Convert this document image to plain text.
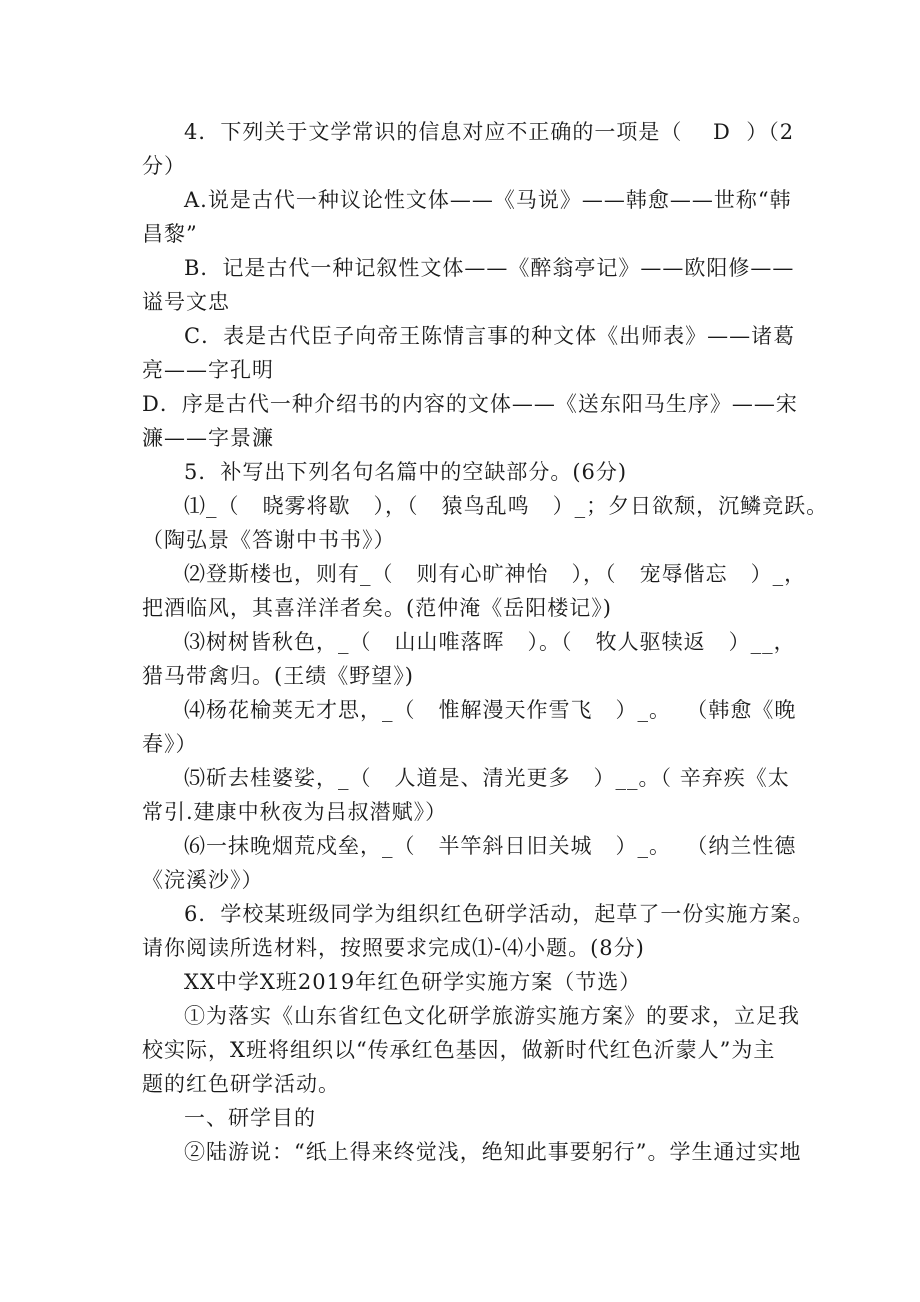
4．下列关于文学常识的信息对应不正确的一项是（    D  ）（2
分）
A.说是古代一种议论性文体——《马说》——韩愈——世称“韩
昌黎”
B．记是古代一种记叙性文体——《醉翁亭记》——欧阳修——
谥号文忠
C．表是古代臣子向帝王陈情言事的种文体《出师表》——诸葛
亮——字孔明
D．序是古代一种介绍书的内容的文体——《送东阳马生序》——宋
濂——字景濂
5．补写出下列名句名篇中的空缺部分。(6分)
⑴_（   晓雾将歇   ），（   猿鸟乱鸣   ）_；夕日欲颓，沉鳞竞跃。
（陶弘景《答谢中书书》）
⑵登斯楼也，则有_（   则有心旷神怡   ），（   宠辱偕忘   ）_，
把酒临风，其喜洋洋者矣。(范仲淹《岳阳楼记》)
⑶树树皆秋色，_（   山山唯落晖   ）。（   牧人驱犊返   ）__，
猎马带禽归。(王绩《野望》)
⑷杨花榆荚无才思，_（   惟解漫天作雪飞   ）_。  （韩愈《晚
春》）
⑸斫去桂婆娑，_（   人道是、清光更多   ）__。（ 辛弃疾《太
常引.建康中秋夜为吕叔潜赋》）
⑹一抹晚烟荒戍垒，_（   半竿斜日旧关城   ）_。  （纳兰性德
《浣溪沙》）
6．学校某班级同学为组织红色研学活动，起草了一份实施方案。
请你阅读所选材料，按照要求完成⑴-⑷小题。(8分)
XX中学X班2019年红色研学实施方案（节选）
①为落实《山东省红色文化研学旅游实施方案》的要求，立足我
校实际，X班将组织以“传承红色基因，做新时代红色沂蒙人”为主
题的红色研学活动。
一、研学目的
②陆游说：“纸上得来终觉浅，绝知此事要躬行”。学生通过实地
